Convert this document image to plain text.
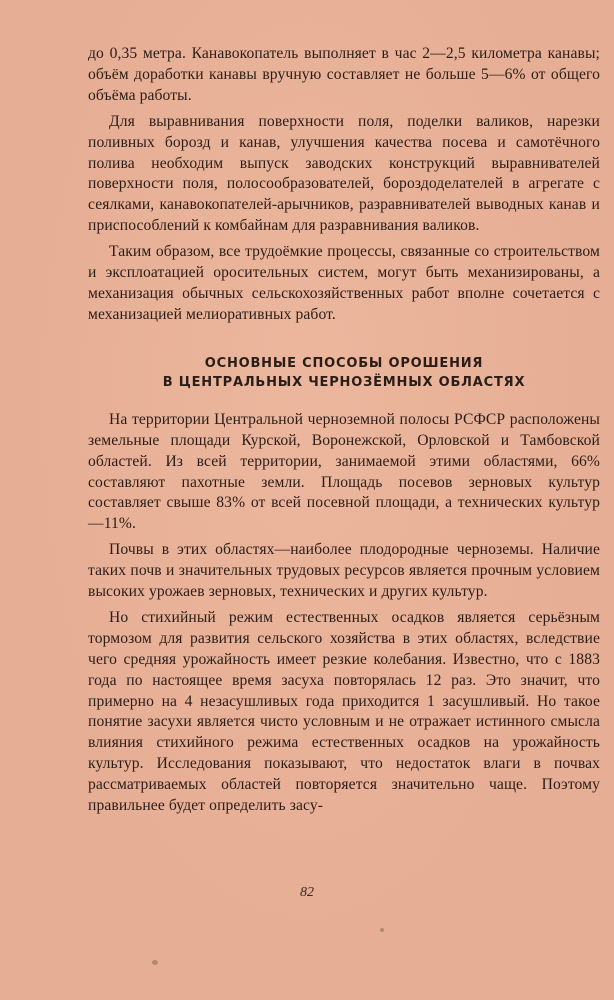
до 0,35 метра. Канавокопатель выполняет в час 2—2,5 километра канавы; объём доработки канавы вручную составляет не больше 5—6% от общего объёма работы.

Для выравнивания поверхности поля, поделки валиков, нарезки поливных борозд и канав, улучшения качества посева и самотёчного полива необходим выпуск заводских конструкций выравнивателей поверхности поля, полосообразователей, бороздоделателей в агрегате с сеялками, канавокопателей-арычников, разравнивателей выводных канав и приспособлений к комбайнам для разравнивания валиков.

Таким образом, все трудоёмкие процессы, связанные со строительством и эксплоатацией оросительных систем, могут быть механизированы, а механизация обычных сельскохозяйственных работ вполне сочетается с механизацией мелиоративных работ.

ОСНОВНЫЕ СПОСОБЫ ОРОШЕНИЯ
В ЦЕНТРАЛЬНЫХ ЧЕРНОЗЁМНЫХ ОБЛАСТЯХ

На территории Центральной черноземной полосы РСФСР расположены земельные площади Курской, Воронежской, Орловской и Тамбовской областей. Из всей территории, занимаемой этими областями, 66% составляют пахотные земли. Площадь посевов зерновых культур составляет свыше 83% от всей посевной площади, а технических культур—11%.

Почвы в этих областях—наиболее плодородные черноземы. Наличие таких почв и значительных трудовых ресурсов является прочным условием высоких урожаев зерновых, технических и других культур.

Но стихийный режим естественных осадков является серьёзным тормозом для развития сельского хозяйства в этих областях, вследствие чего средняя урожайность имеет резкие колебания. Известно, что с 1883 года по настоящее время засуха повторялась 12 раз. Это значит, что примерно на 4 незасушливых года приходится 1 засушливый. Но такое понятие засухи является чисто условным и не отражает истинного смысла влияния стихийного режима естественных осадков на урожайность культур. Исследования показывают, что недостаток влаги в почвах рассматриваемых областей повторяется значительно чаще. Поэтому правильнее будет определить засу-

82
